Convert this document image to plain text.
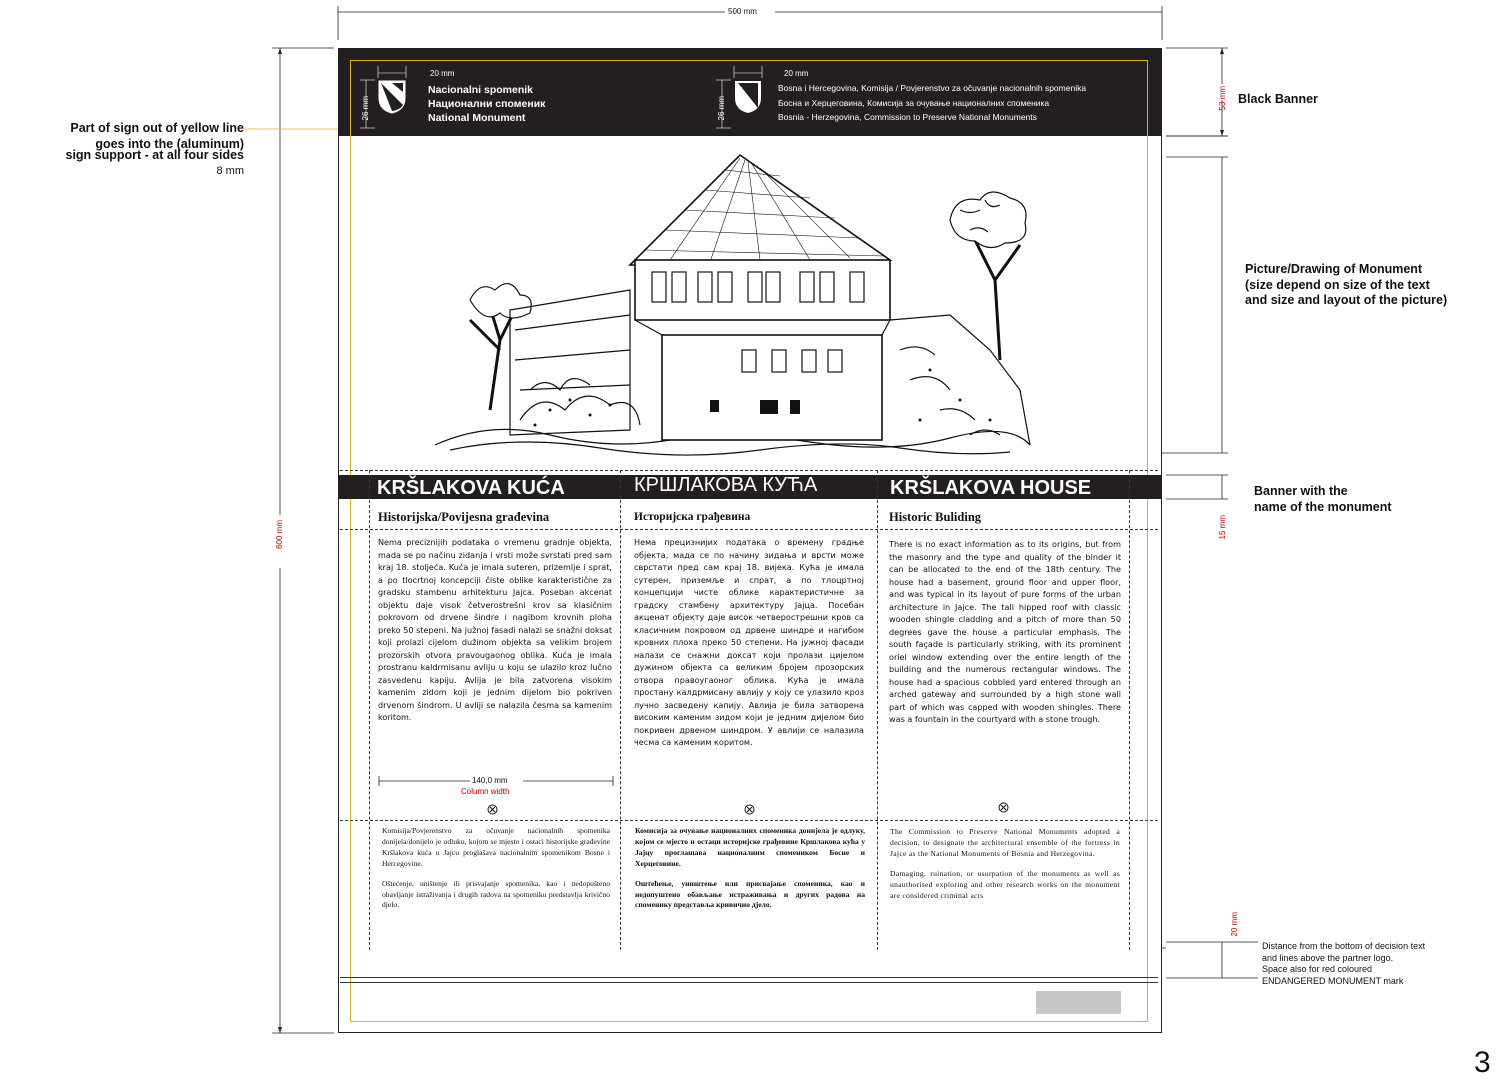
500 mm
600 mm
53 mm
15 mm
20 mm
Part of sign out of yellow line
goes into the (aluminum)
sign support - at all four sides
8 mm
Black Banner
Picture/Drawing of Monument
(size depend on size of the text
and size and layout of the picture)
Banner with the
name of the monument
Distance from the bottom of decision text
and lines above the partner logo.
Space also for red coloured
ENDANGERED MONUMENT mark
3
20 mm
26 mm
Nacionalni spomenik
Национални споменик
National Monument
20 mm
26 mm
Bosna i Hercegovina, Komisija / Povjerenstvo za očuvanje nacionalnih spomenika
Босна и Херцеговина, Комисија за очување националних споменика
Bosnia - Herzegovina, Commission to Preserve National Monuments
KRŠLAKOVA KUĆA	КРШЛАКОВА КУЋА	KRŠLAKOVA HOUSE
Historijska/Povijesna građevina	Историјска грађевина	Historic Buliding
Nema preciznijih podataka o vremenu gradnje objekta, mada se po načinu zidanja i vrsti može svrstati pred sam kraj 18. stoljeća. Kuća je imala suteren, prizemlje i sprat, a po tlocrtnoj koncepciji čiste oblike karakteristične za gradsku stambenu arhitekturu Jajca. Poseban akcenat objektu daje visok četverostrešni krov sa klasičnim pokrovom od drvene šindre i nagibom krovnih ploha preko 50 stepeni. Na južnoj fasadi nalazi se snažni doksat koji prolazi cijelom dužinom objekta sa velikim brojem prozorskih otvora pravougaonog oblika. Kuća je imala prostranu kaldrmisanu avliju u koju se ulazilo kroz lučno zasvedenu kapiju. Avlija je bila zatvorena visokim kamenim zidom koji je jednim dijelom bio pokriven drvenom šindrom. U avliji se nalazila česma sa kamenim koritom.
Нема прецизнијих података о времену градње објекта, мада се по начину зидања и врсти може сврстати пред сам крај 18. вијека. Кућа је имала сутерен, приземље и спрат, а по тлоцртној концепцији чисте облике карактеристичне за градску стамбену архитектуру Јајца. Посебан акценат објекту даје висок четверострешни кров са класичним покровом од дрвене шиндре и нагибом кровних плоха преко 50 степени. На јужној фасади налази се снажни доксат који пролази цијелом дужином објекта са великим бројем прозорских отвора правоугаоног облика. Кућа је имала простану калдрмисану авлију у коју се улазило кроз лучно засведену капију. Авлија је била затворена високим каменим зидом који је једним дијелом био покривен дрвеном шиндром. У авлији се налазила чесма са каменим коритом.
There is no exact information as to its origins, but from the masonry and the type and quality of the binder it can be allocated to the end of the 18th century. The house had a basement, ground floor and upper floor, and was typical in its layout of pure forms of the urban architecture in Jajce. The tall hipped roof with classic wooden shingle cladding and a pitch of more than 50 degrees gave the house a particular emphasis. The south façade is particularly striking, with its prominent oriel window extending over the entire length of the building and the numerous rectangular windows. The house had a spacious cobbled yard entered through an arched gateway and surrounded by a high stone wall part of which was capped with wooden shingles. There was a fountain in the courtyard with a stone trough.
140,0 mm
Column width

Komisija/Povjerenstvo za očuvanje nacionalnih spomenika donijela/donijelo je odluku, kojom se mjesto i ostaci historijske građevine Kršlakova kuća u Jajcu proglašava nacionalnim spomenikom Bosne i Hercegovine.

Oštećenje, uništenje ili prisvajanje spomenika, kao i nedopušteno obavljanje istraživanja i drugih radova na spomeniku predstavlja krivično djelo.

Комисија за очување националних споменика донијела је одлуку, којом се мјесто и остаци историјске грађевине Кршлакова кућа у Јајцу проглашава националним спомеником Босне и Херцеговине.

Оштећење, уништење или присвајање споменика, као и недопуштено обављање истраживања и других радова на споменику представља кривично дјело.

The Commission to Preserve National Monuments adopted a decision, to designate the architectural ensemble of the fortress in Jajce as the National Monuments of Bosnia and Herzegovina.

Damaging, ruination, or usurpation of the monuments as well as unauthorised exploring and other research works on the monument are considered criminal acts
